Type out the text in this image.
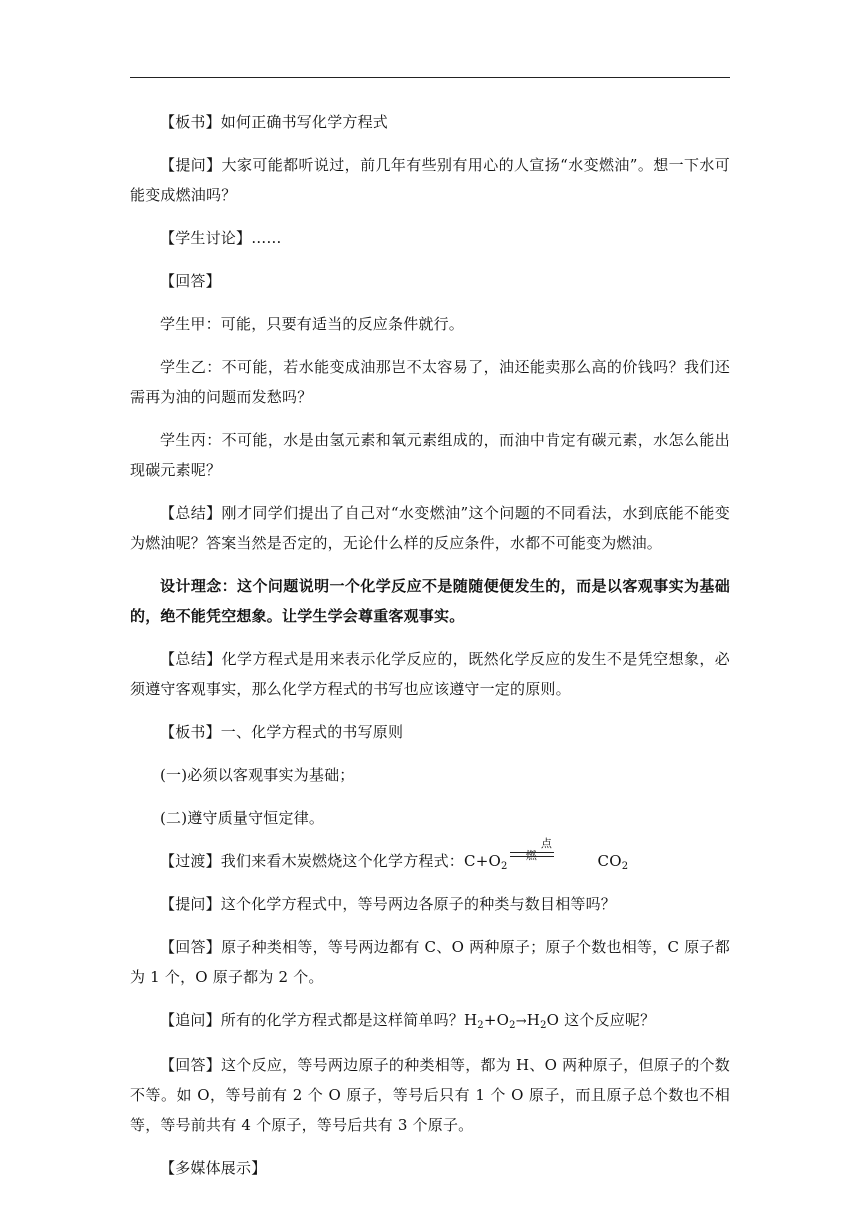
【板书】如何正确书写化学方程式

【提问】大家可能都听说过，前几年有些别有用心的人宣扬“水变燃油”。想一下水可能变成燃油吗？

【学生讨论】……

【回答】

学生甲：可能，只要有适当的反应条件就行。

学生乙：不可能，若水能变成油那岂不太容易了，油还能卖那么高的价钱吗？我们还需再为油的问题而发愁吗？

学生丙：不可能，水是由氢元素和氧元素组成的，而油中肯定有碳元素，水怎么能出现碳元素呢？

【总结】刚才同学们提出了自己对“水变燃油”这个问题的不同看法，水到底能不能变为燃油呢？答案当然是否定的，无论什么样的反应条件，水都不可能变为燃油。

设计理念：这个问题说明一个化学反应不是随随便便发生的，而是以客观事实为基础的，绝不能凭空想象。让学生学会尊重客观事实。

【总结】化学方程式是用来表示化学反应的，既然化学反应的发生不是凭空想象，必须遵守客观事实，那么化学方程式的书写也应该遵守一定的原则。

【板书】一、化学方程式的书写原则

(一)必须以客观事实为基础；

(二)遵守质量守恒定律。

【过渡】我们来看木炭燃烧这个化学方程式：$C+O_2$
点燃	$CO_2$

【提问】这个化学方程式中，等号两边各原子的种类与数目相等吗？

【回答】原子种类相等，等号两边都有 C、O 两种原子；原子个数也相等，C 原子都为 1 个，O 原子都为 2 个。

【追问】所有的化学方程式都是这样简单吗？$H_2+O_2\to H_2O$ 这个反应呢？

【回答】这个反应，等号两边原子的种类相等，都为 H、O 两种原子，但原子的个数不等。如 O，等号前有 2 个 O 原子，等号后只有 1 个 O 原子，而且原子总个数也不相等，等号前共有 4 个原子，等号后共有 3 个原子。

【多媒体展示】
